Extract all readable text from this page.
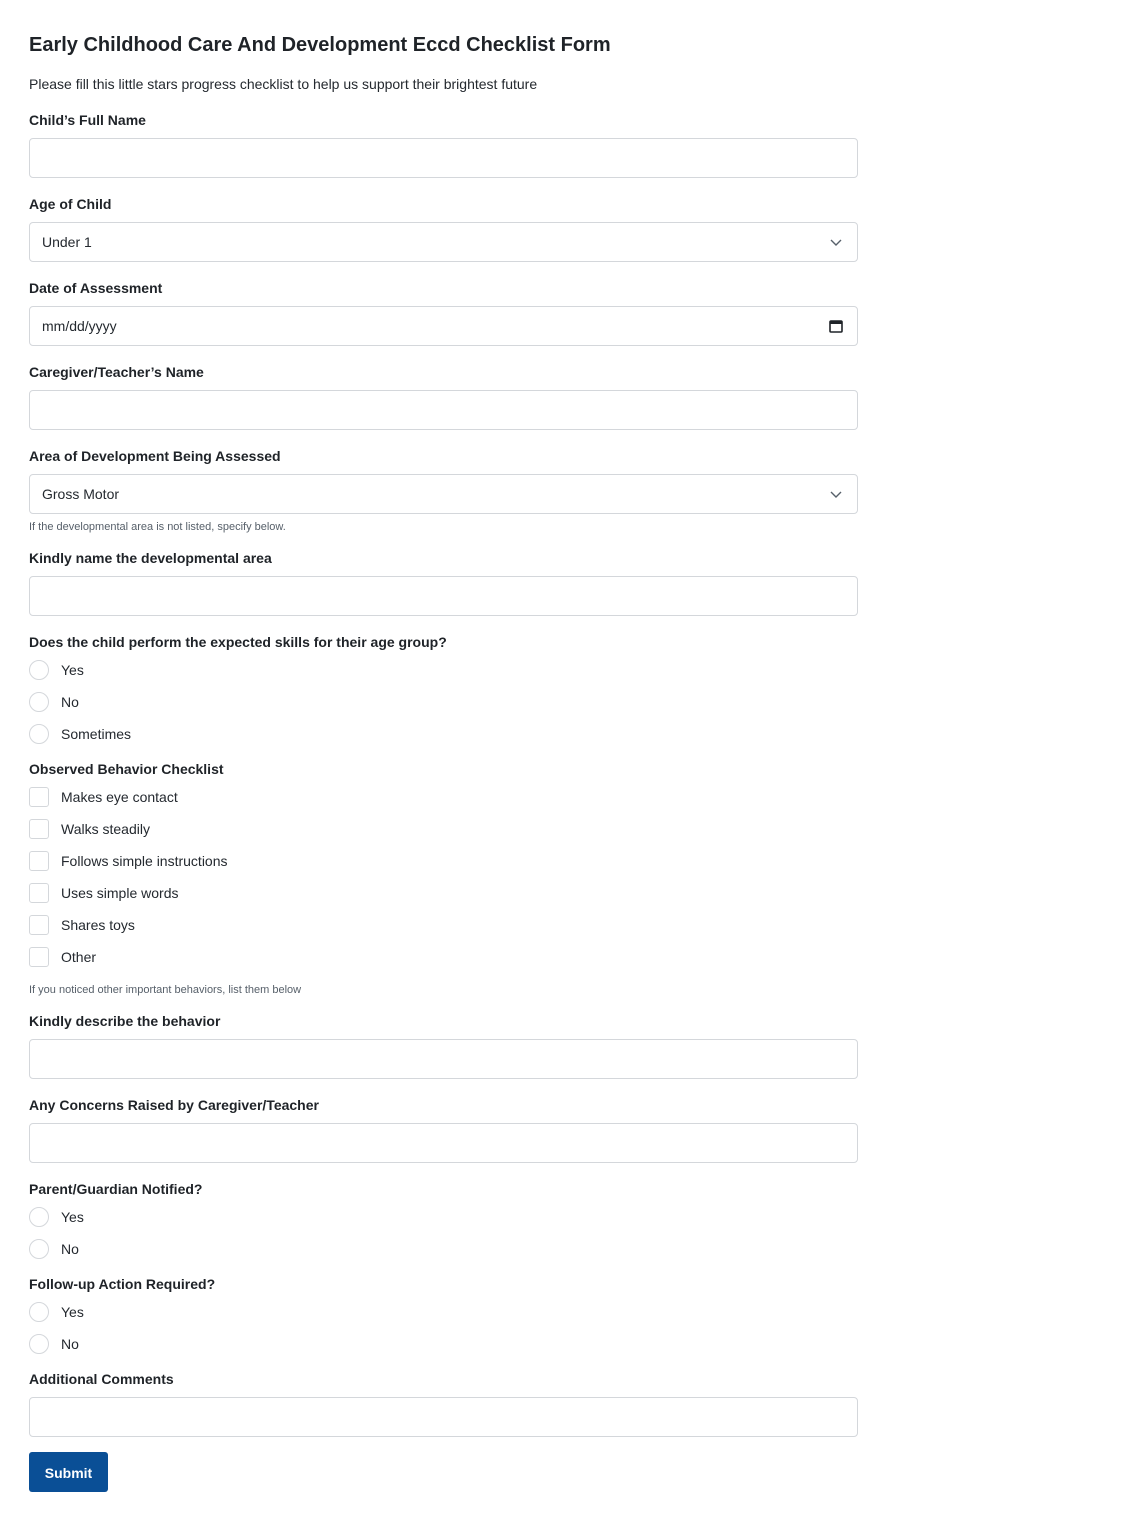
Early Childhood Care And Development Eccd Checklist Form
Please fill this little stars progress checklist to help us support their brightest future
Child’s Full Name
Age of Child
Under 1
Date of Assessment
mm/dd/yyyy
Caregiver/Teacher’s Name
Area of Development Being Assessed
Gross Motor
If the developmental area is not listed, specify below.
Kindly name the developmental area
Does the child perform the expected skills for their age group?
Yes
No
Sometimes
Observed Behavior Checklist
Makes eye contact
Walks steadily
Follows simple instructions
Uses simple words
Shares toys
Other
If you noticed other important behaviors, list them below
Kindly describe the behavior
Any Concerns Raised by Caregiver/Teacher
Parent/Guardian Notified?
Yes
No
Follow-up Action Required?
Yes
No
Additional Comments
Submit
